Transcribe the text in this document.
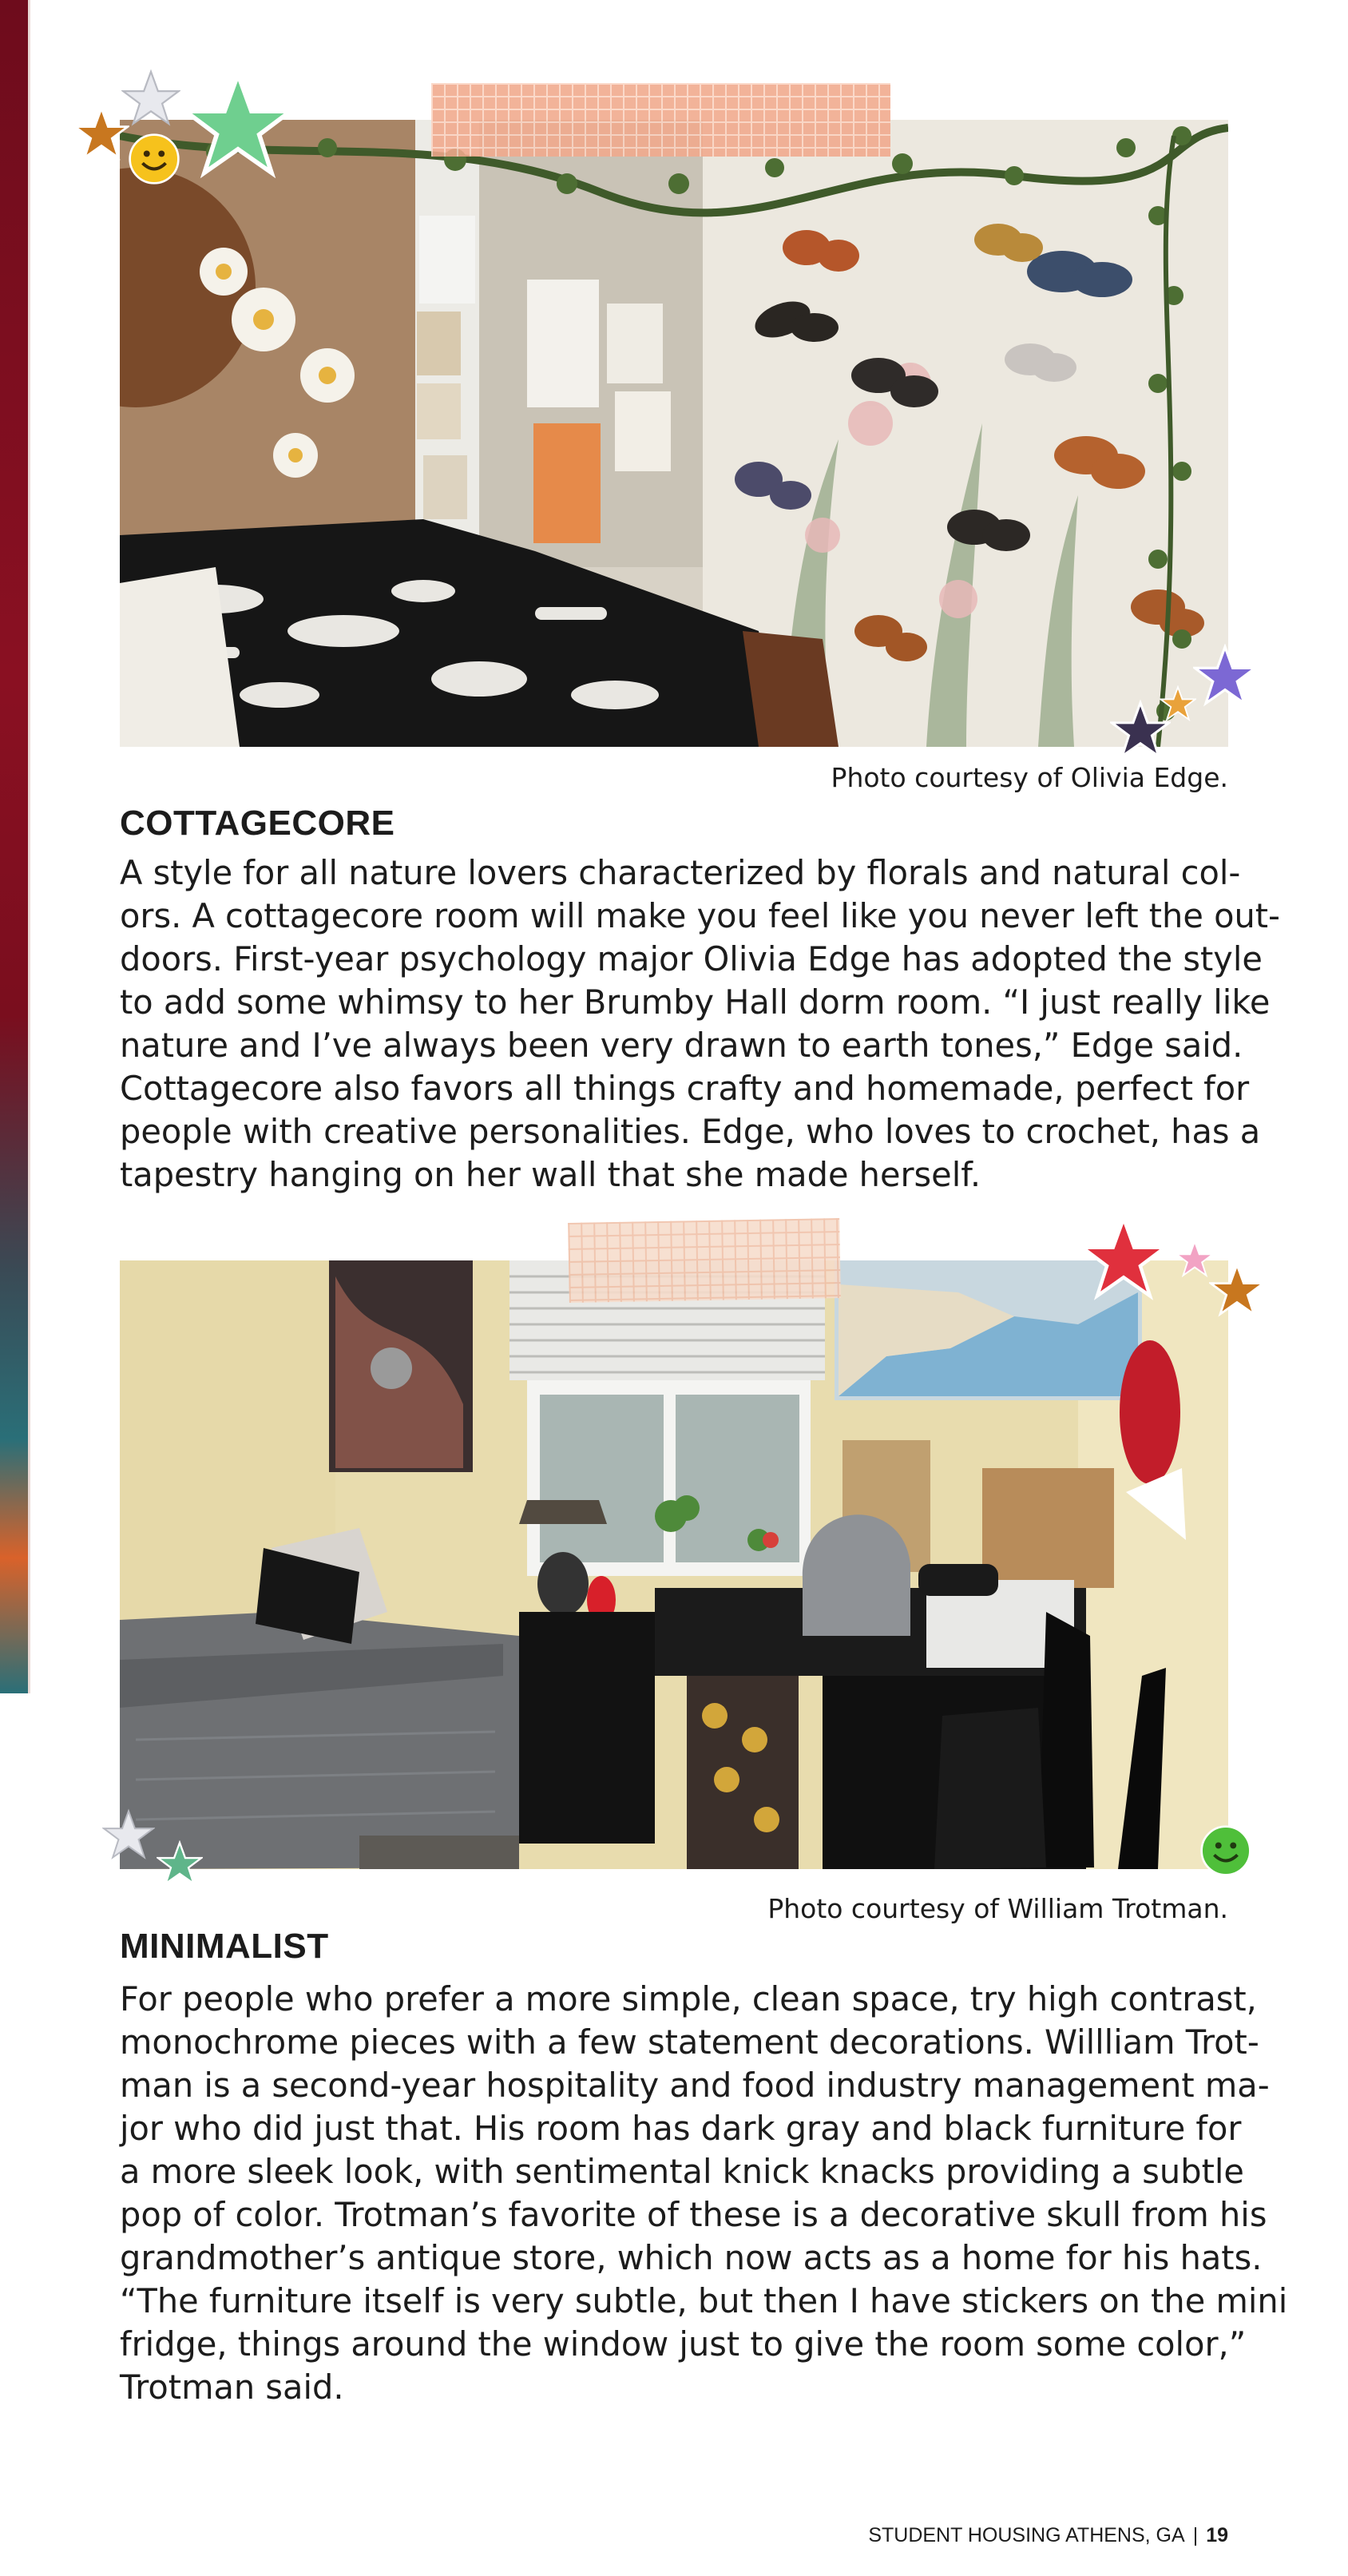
Photo courtesy of Olivia Edge.
COTTAGECORE
A style for all nature lovers characterized by florals and natural col-
ors. A cottagecore room will make you feel like you never left the out-
doors. First-year psychology major Olivia Edge has adopted the style
to add some whimsy to her Brumby Hall dorm room. “I just really like
nature and I’ve always been very drawn to earth tones,” Edge said.
Cottagecore also favors all things crafty and homemade, perfect for
people with creative personalities. Edge, who loves to crochet, has a
tapestry hanging on her wall that she made herself.
Photo courtesy of William Trotman.
MINIMALIST
For people who prefer a more simple, clean space, try high contrast,
monochrome pieces with a few statement decorations. Willliam Trot-
man is a second-year hospitality and food industry management ma-
jor who did just that. His room has dark gray and black furniture for
a more sleek look, with sentimental knick knacks providing a subtle
pop of color. Trotman’s favorite of these is a decorative skull from his
grandmother’s antique store, which now acts as a home for his hats.
“The furniture itself is very subtle, but then I have stickers on the mini
fridge, things around the window just to give the room some color,”
Trotman said.
STUDENT HOUSING ATHENS, GA | 19
